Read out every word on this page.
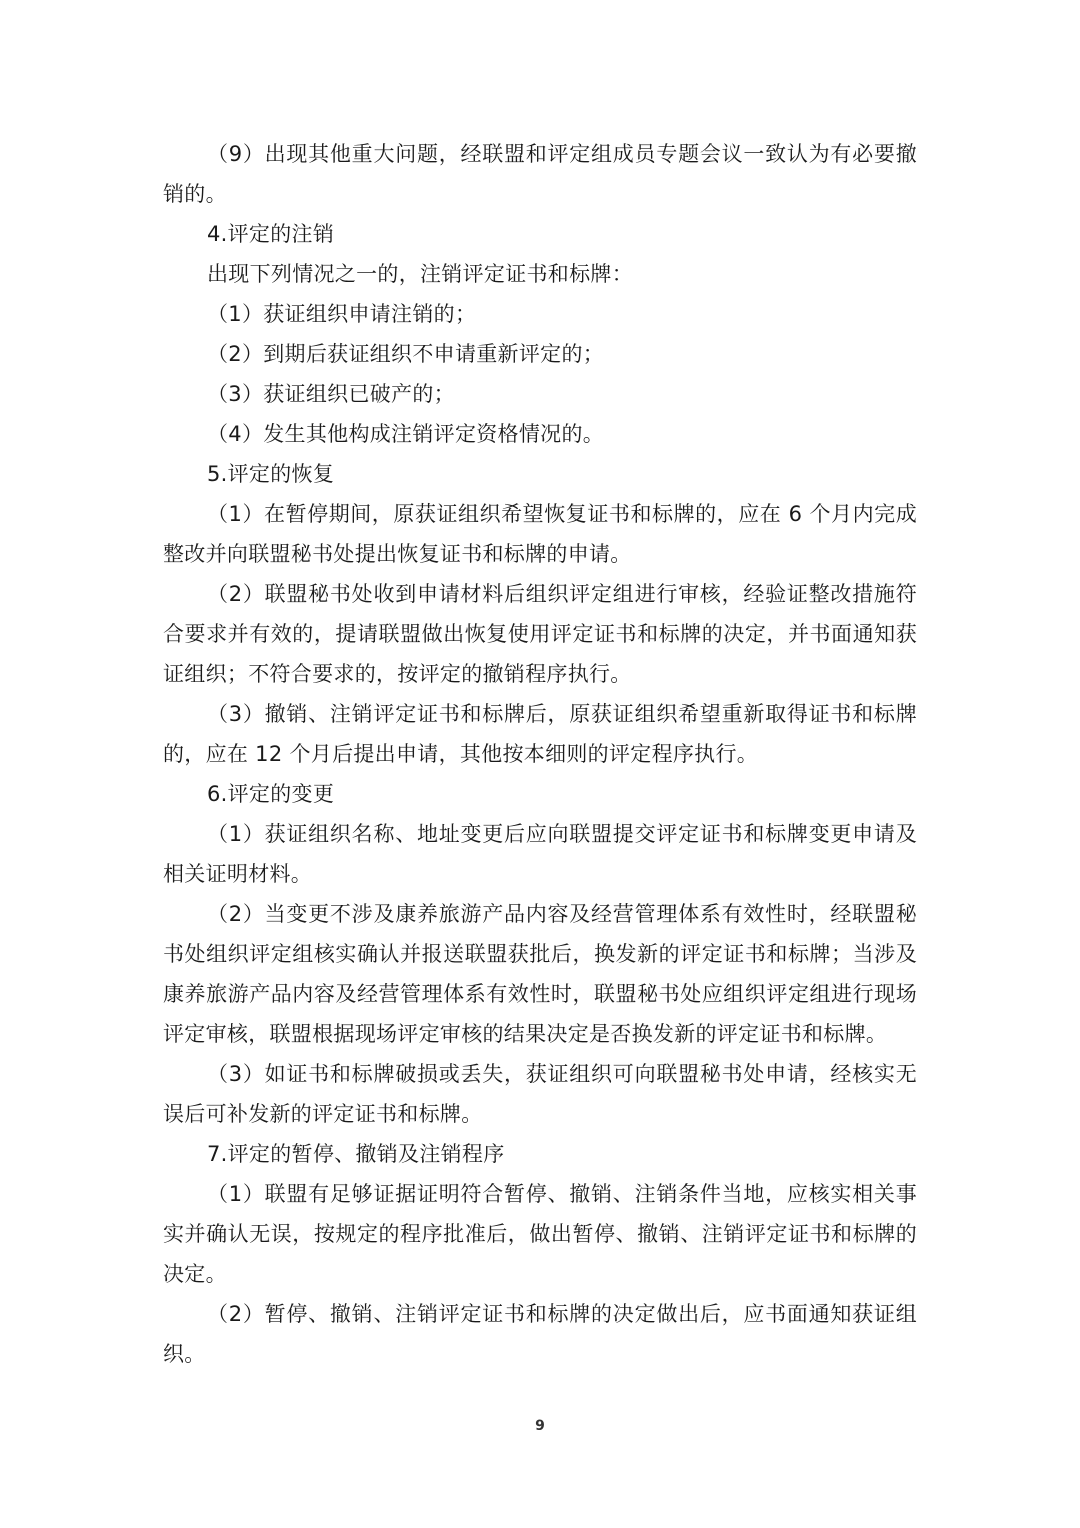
（9）出现其他重大问题，经联盟和评定组成员专题会议一致认为有必要撤销的。

4.评定的注销

出现下列情况之一的，注销评定证书和标牌：

（1）获证组织申请注销的；

（2）到期后获证组织不申请重新评定的；

（3）获证组织已破产的；

（4）发生其他构成注销评定资格情况的。

5.评定的恢复

（1）在暂停期间，原获证组织希望恢复证书和标牌的，应在 6 个月内完成整改并向联盟秘书处提出恢复证书和标牌的申请。

（2）联盟秘书处收到申请材料后组织评定组进行审核，经验证整改措施符合要求并有效的，提请联盟做出恢复使用评定证书和标牌的决定，并书面通知获证组织；不符合要求的，按评定的撤销程序执行。

（3）撤销、注销评定证书和标牌后，原获证组织希望重新取得证书和标牌的，应在 12 个月后提出申请，其他按本细则的评定程序执行。

6.评定的变更

（1）获证组织名称、地址变更后应向联盟提交评定证书和标牌变更申请及相关证明材料。

（2）当变更不涉及康养旅游产品内容及经营管理体系有效性时，经联盟秘书处组织评定组核实确认并报送联盟获批后，换发新的评定证书和标牌；当涉及康养旅游产品内容及经营管理体系有效性时，联盟秘书处应组织评定组进行现场评定审核，联盟根据现场评定审核的结果决定是否换发新的评定证书和标牌。

（3）如证书和标牌破损或丢失，获证组织可向联盟秘书处申请，经核实无误后可补发新的评定证书和标牌。

7.评定的暂停、撤销及注销程序

（1）联盟有足够证据证明符合暂停、撤销、注销条件当地，应核实相关事实并确认无误，按规定的程序批准后，做出暂停、撤销、注销评定证书和标牌的决定。

（2）暂停、撤销、注销评定证书和标牌的决定做出后，应书面通知获证组织。

9
